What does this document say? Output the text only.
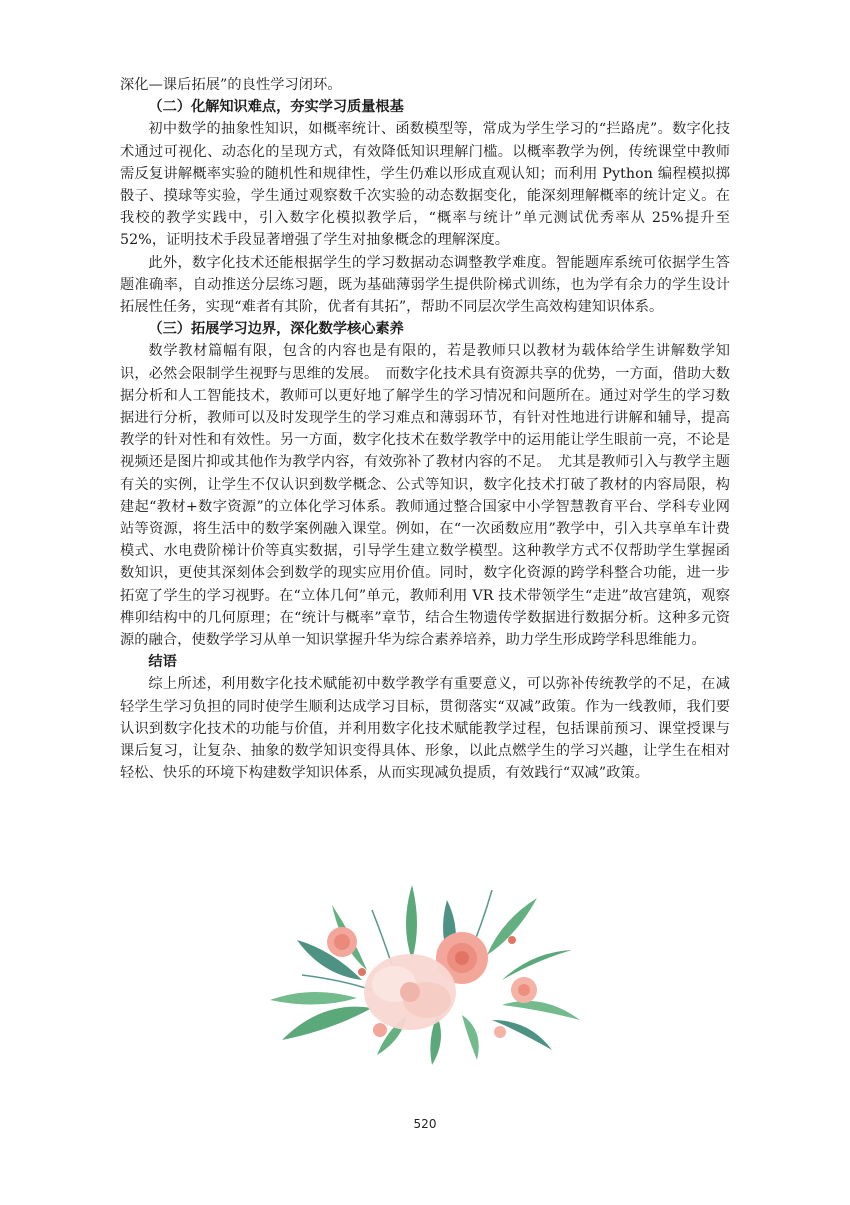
深化—课后拓展”的良性学习闭环。

（二）化解知识难点，夯实学习质量根基

初中数学的抽象性知识，如概率统计、函数模型等，常成为学生学习的“拦路虎”。数字化技术通过可视化、动态化的呈现方式，有效降低知识理解门槛。以概率教学为例，传统课堂中教师需反复讲解概率实验的随机性和规律性，学生仍难以形成直观认知；而利用 Python 编程模拟掷骰子、摸球等实验，学生通过观察数千次实验的动态数据变化，能深刻理解概率的统计定义。在我校的教学实践中，引入数字化模拟教学后，“概率与统计”单元测试优秀率从 25%提升至 52%，证明技术手段显著增强了学生对抽象概念的理解深度。

此外，数字化技术还能根据学生的学习数据动态调整教学难度。智能题库系统可依据学生答题准确率，自动推送分层练习题，既为基础薄弱学生提供阶梯式训练，也为学有余力的学生设计拓展性任务，实现“难者有其阶，优者有其拓”，帮助不同层次学生高效构建知识体系。

（三）拓展学习边界，深化数学核心素养

数学教材篇幅有限，包含的内容也是有限的，若是教师只以教材为载体给学生讲解数学知识，必然会限制学生视野与思维的发展。　而数字化技术具有资源共享的优势，一方面，借助大数据分析和人工智能技术，教师可以更好地了解学生的学习情况和问题所在。通过对学生的学习数据进行分析，教师可以及时发现学生的学习难点和薄弱环节，有针对性地进行讲解和辅导，提高教学的针对性和有效性。另一方面，数字化技术在数学教学中的运用能让学生眼前一亮，不论是视频还是图片抑或其他作为教学内容，有效弥补了教材内容的不足。　尤其是教师引入与教学主题有关的实例，让学生不仅认识到数学概念、公式等知识，数字化技术打破了教材的内容局限，构建起“教材+数字资源”的立体化学习体系。教师通过整合国家中小学智慧教育平台、学科专业网站等资源，将生活中的数学案例融入课堂。例如，在“一次函数应用”教学中，引入共享单车计费模式、水电费阶梯计价等真实数据，引导学生建立数学模型。这种教学方式不仅帮助学生掌握函数知识，更使其深刻体会到数学的现实应用价值。同时，数字化资源的跨学科整合功能，进一步拓宽了学生的学习视野。在“立体几何”单元，教师利用 VR 技术带领学生“走进”故宫建筑，观察榫卯结构中的几何原理；在“统计与概率”章节，结合生物遗传学数据进行数据分析。这种多元资源的融合，使数学学习从单一知识掌握升华为综合素养培养，助力学生形成跨学科思维能力。

结语

综上所述，利用数字化技术赋能初中数学教学有重要意义，可以弥补传统教学的不足，在减轻学生学习负担的同时使学生顺利达成学习目标，贯彻落实“双减”政策。作为一线教师，我们要认识到数字化技术的功能与价值，并利用数字化技术赋能教学过程，包括课前预习、课堂授课与课后复习，让复杂、抽象的数学知识变得具体、形象，以此点燃学生的学习兴趣，让学生在相对轻松、快乐的环境下构建数学知识体系，从而实现减负提质，有效践行“双减”政策。

520
